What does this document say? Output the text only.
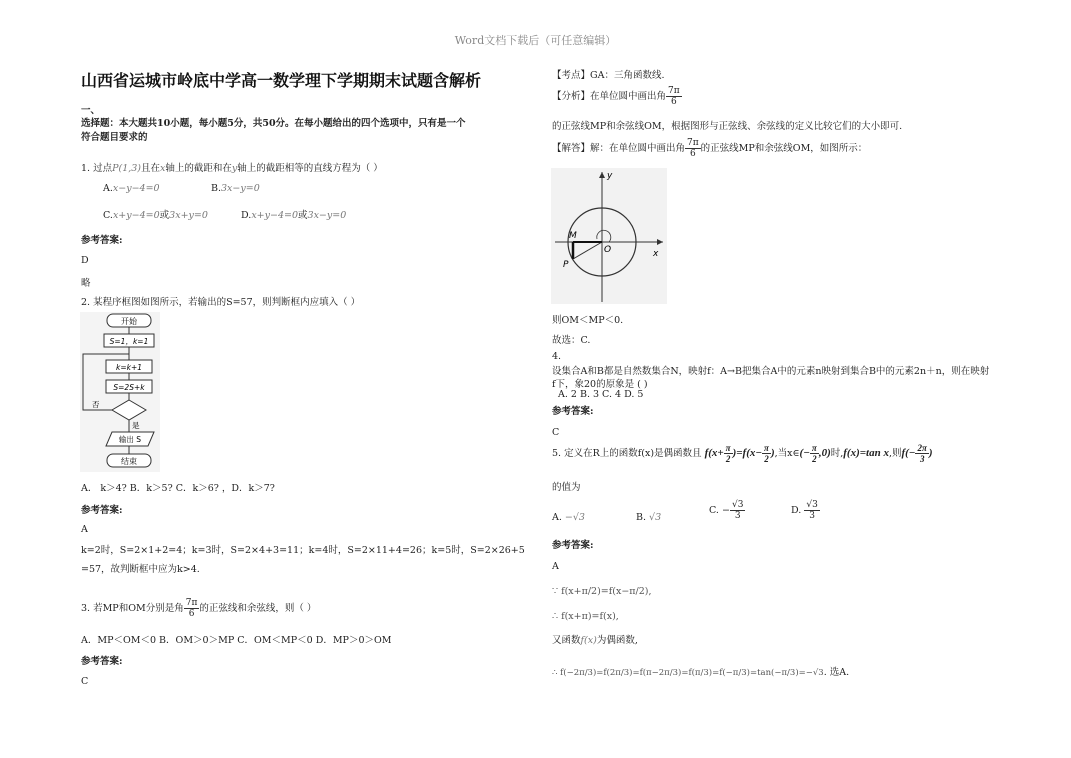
Word文档下载后（可任意编辑）
山西省运城市岭底中学高一数学理下学期期末试题含解析
一、
选择题：本大题共10小题，每小题5分，共50分。在每小题给出的四个选项中，只有是一个
符合题目要求的
1. 过点P(1,3)且在x轴上的截距和在y轴上的截距相等的直线方程为（ ）
A.x−y−4=0	B.3x−y=0
C.x+y−4=0或3x+y=0	D.x+y−4=0或3x−y=0
参考答案:
D
略
2. 某程序框图如图所示，若输出的S=57，则判断框内应填入（ ）
开始
S=1，k=1
k=k+1
S=2S+k
否
是
输出 S
结束
A． k＞4? B．k＞5? C．k＞6? ，D．k＞7?
参考答案:
A
k=2时，S=2×1+2=4；k=3时，S=2×4+3=11；k=4时，S=2×11+4=26；k=5时，S=2×26+5
=57，故判断框中应为k>4.
3. 若MP和OM分别是角 $\frac{7\pi}{6}$ 的正弦线和余弦线，则（ ）
A．MP＜OM＜0 B．OM＞0＞MP C．OM＜MP＜0 D．MP＞0＞OM
参考答案:
C
【考点】GA：三角函数线.
【分析】在单位圆中画出角 $\frac{7\pi}{6}$
的正弦线MP和余弦线OM，根据图形与正弦线、余弦线的定义比较它们的大小即可.
【解答】解：在单位圆中画出角 $\frac{7\pi}{6}$ 的正弦线MP和余弦线OM，如图所示：
y
x
M
O
P
则OM＜MP＜0.
故选：C.
4.
设集合A和B都是自然数集合N，映射f：A→B把集合A中的元素n映射到集合B中的元素2n＋n，则在映射
f下，象20的原象是 ( )
A. 2 B. 3 C. 4 D. 5
参考答案:
C
5. 定义在R上的函数f(x)是偶函数且 $f(x+ \frac{\pi}{2} )=f(x- \frac{\pi}{2}$ ),当x∈(− $\frac{\pi}{2} ,0$)时,f(x)=tan x,则$f(- \frac{2\pi}{3}$ )
的值为
A. −√3	B. √3
C. − $\frac{√3}{3}$	D. $\frac{√3}{3}$
参考答案:
A
∵ f(x+π/2)=f(x−π/2),
∴ f(x+π)=f(x),
又函数f(x)为偶函数,
∴ f(−2π/3)=f(2π/3)=f(π−2π/3)=f(π/3)=f(−π/3)=tan(−π/3)=−√3. 选A.
